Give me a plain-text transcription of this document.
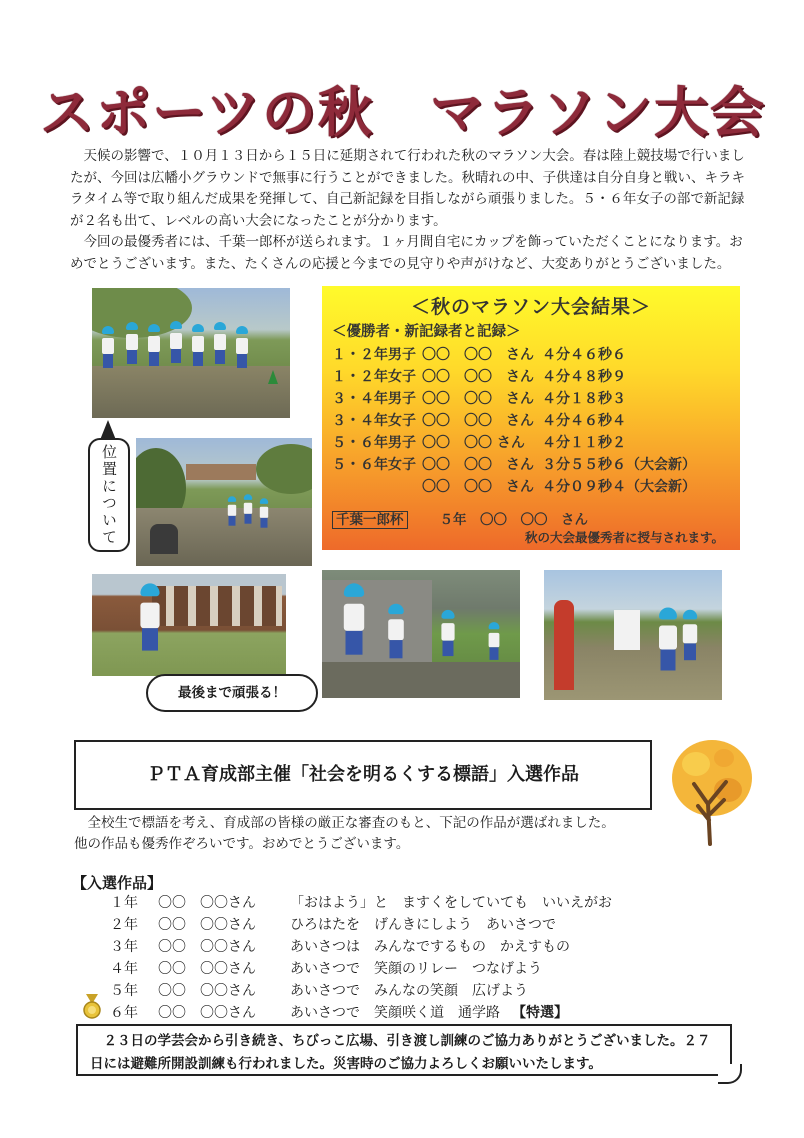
スポーツの秋　マラソン大会

天候の影響で、１０月１３日から１５日に延期されて行われた秋のマラソン大会。春は陸上競技場で行いましたが、今回は広幡小グラウンドで無事に行うことができました。秋晴れの中、子供達は自分自身と戦い、キラキラタイム等で取り組んだ成果を発揮して、自己新記録を目指しながら頑張りました。５・６年女子の部で新記録が２名も出て、レベルの高い大会になったことが分かります。

今回の最優秀者には、千葉一郎杯が送られます。１ヶ月間自宅にカップを飾っていただくことになります。おめでとうございます。また、たくさんの応援と今までの見守りや声がけなど、大変ありがとうございました。

位置について
＜秋のマラソン大会結果＞
＜優勝者・新記録者と記録＞
１・２年男子 〇〇　〇〇　さん ４分４６秒６
１・２年女子 〇〇　〇〇　さん ４分４８秒９
３・４年男子 〇〇　〇〇　さん ４分１８秒３
３・４年女子 〇〇　〇〇　さん ４分４６秒４
５・６年男子 〇〇　〇〇 さん ４分１１秒２
５・６年女子 〇〇　〇〇　さん ３分５５秒６（大会新）
〇〇　〇〇　さん ４分０９秒４（大会新）
千葉一郎杯	５年　〇〇　〇〇　さん
秋の大会最優秀者に授与されます。
最後まで頑張る！
ＰＴＡ育成部主催「社会を明るくする標語」入選作品

全校生で標語を考え、育成部の皆様の厳正な審査のもと、下記の作品が選ばれました。

他の作品も優秀作ぞろいです。おめでとうございます。

【入選作品】
１年 〇〇　〇〇さん 「おはよう」と　ますくをしていても　いいえがお
２年 〇〇　〇〇さん ひろはたを　げんきにしよう　あいさつで
３年 〇〇　〇〇さん あいさつは　みんなでするもの　かえすもの
４年 〇〇　〇〇さん あいさつで　笑顔のリレー　つなげよう
５年 〇〇　〇〇さん あいさつで　みんなの笑顔　広げよう
６年 〇〇　〇〇さん あいさつで　笑顔咲く道　通学路 【特選】

２３日の学芸会から引き続き、ちびっこ広場、引き渡し訓練のご協力ありがとうございました。２７日には避難所開設訓練も行われました。災害時のご協力よろしくお願いいたします。
